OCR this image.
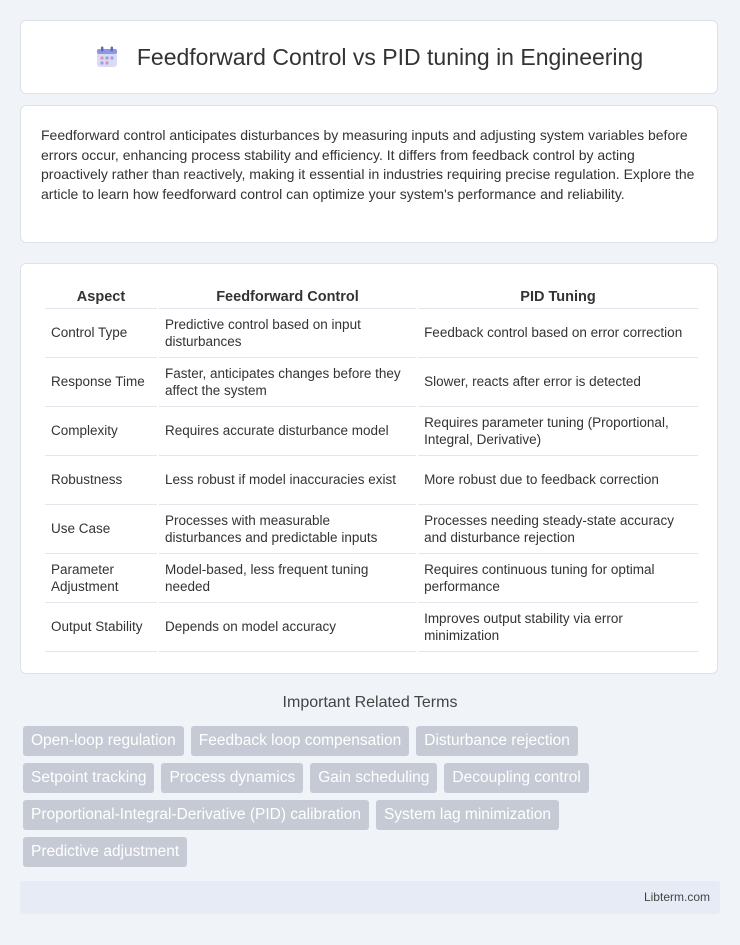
Feedforward Control vs PID tuning in Engineering

Feedforward control anticipates disturbances by measuring inputs and adjusting system variables before errors occur, enhancing process stability and efficiency. It differs from feedback control by acting proactively rather than reactively, making it essential in industries requiring precise regulation. Explore the article to learn how feedforward control can optimize your system's performance and reliability.

Aspect	Feedforward Control	PID Tuning
Control Type	Predictive control based on input disturbances	Feedback control based on error correction
Response Time	Faster, anticipates changes before they affect the system	Slower, reacts after error is detected
Complexity	Requires accurate disturbance model	Requires parameter tuning (Proportional, Integral, Derivative)
Robustness	Less robust if model inaccuracies exist	More robust due to feedback correction
Use Case	Processes with measurable disturbances and predictable inputs	Processes needing steady-state accuracy and disturbance rejection
Parameter Adjustment	Model-based, less frequent tuning needed	Requires continuous tuning for optimal performance
Output Stability	Depends on model accuracy	Improves output stability via error minimization
Important Related Terms
Open-loop regulation	Feedback loop compensation	Disturbance rejection
Setpoint tracking	Process dynamics	Gain scheduling	Decoupling control
Proportional-Integral-Derivative (PID) calibration	System lag minimization
Predictive adjustment
Libterm.com
